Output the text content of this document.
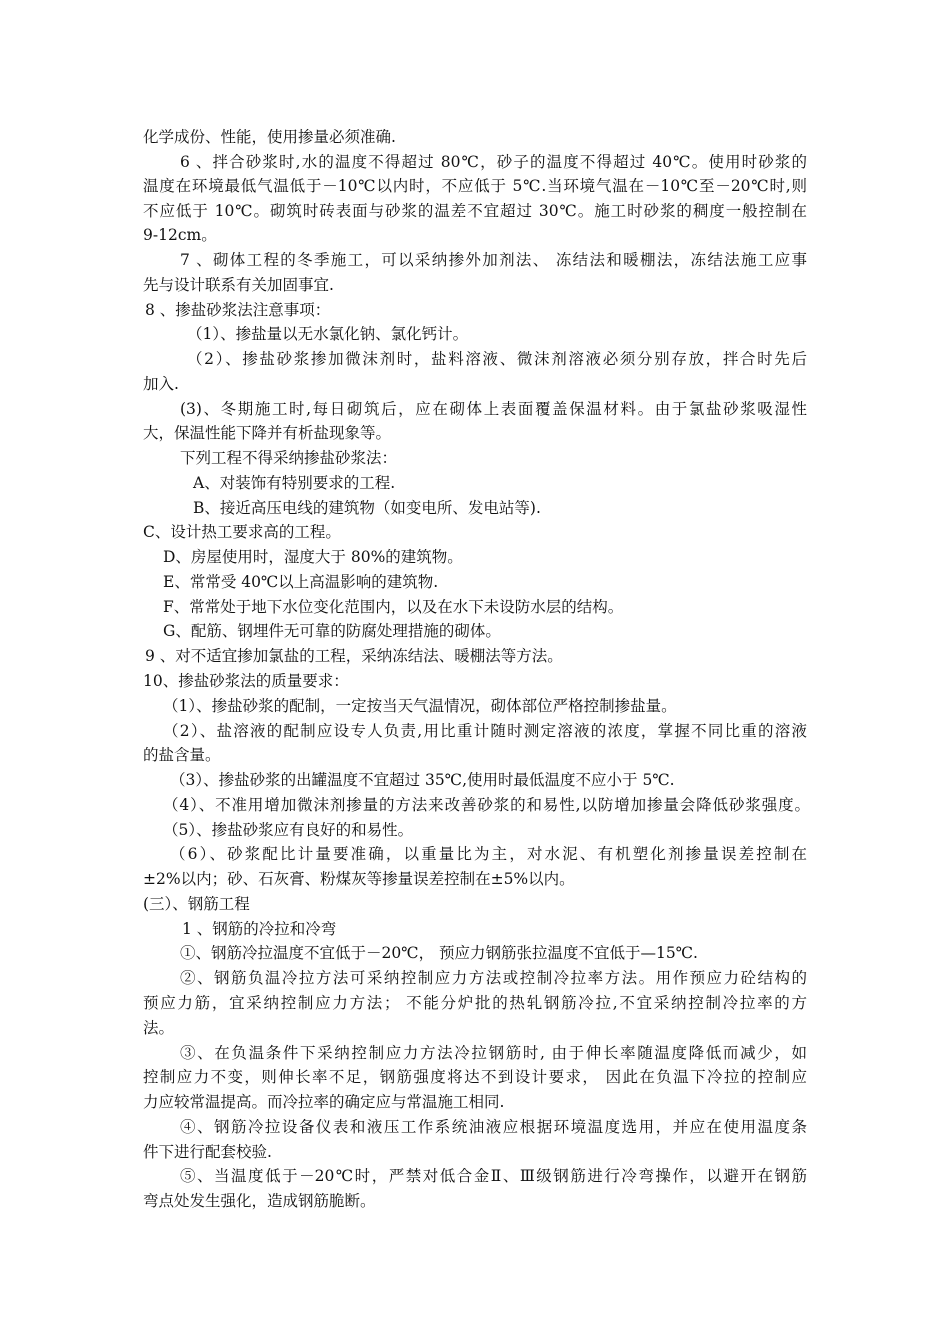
化学成份、性能，使用掺量必须准确.
6 、拌合砂浆时,水的温度不得超过 80℃，砂子的温度不得超过 40℃。使用时砂浆的
温度在环境最低气温低于－10℃以内时，不应低于 5℃.当环境气温在－10℃至－20℃时,则
不应低于 10℃。砌筑时砖表面与砂浆的温差不宜超过 30℃。施工时砂浆的稠度一般控制在
9-12cm。
7 、砌体工程的冬季施工，可以采纳掺外加剂法、 冻结法和暖棚法，冻结法施工应事
先与设计联系有关加固事宜.
8 、掺盐砂浆法注意事项：
（1）、掺盐量以无水氯化钠、氯化钙计。
（2）、掺盐砂浆掺加微沫剂时，盐料溶液、微沫剂溶液必须分别存放，拌合时先后
加入.
(3)、冬期施工时,每日砌筑后，应在砌体上表面覆盖保温材料。由于氯盐砂浆吸湿性
大，保温性能下降并有析盐现象等。
下列工程不得采纳掺盐砂浆法：
A、对装饰有特别要求的工程.
B、接近高压电线的建筑物（如变电所、发电站等).
C、设计热工要求高的工程。
D、房屋使用时，湿度大于 80%的建筑物。
E、常常受 40℃以上高温影响的建筑物.
F、常常处于地下水位变化范围内，以及在水下未设防水层的结构。
G、配筋、钢埋件无可靠的防腐处理措施的砌体。
9 、对不适宜掺加氯盐的工程，采纳冻结法、暖棚法等方法。
10、掺盐砂浆法的质量要求：
（1）、掺盐砂浆的配制，一定按当天气温情况，砌体部位严格控制掺盐量。
（2）、盐溶液的配制应设专人负责,用比重计随时测定溶液的浓度，掌握不同比重的溶液
的盐含量。
（3）、掺盐砂浆的出罐温度不宜超过 35℃,使用时最低温度不应小于 5℃.
（4）、不准用增加微沫剂掺量的方法来改善砂浆的和易性,以防增加掺量会降低砂浆强度。
（5）、掺盐砂浆应有良好的和易性。
（6）、砂浆配比计量要准确，以重量比为主，对水泥、有机塑化剂掺量误差控制在
±2%以内；砂、石灰膏、粉煤灰等掺量误差控制在±5%以内。
(三）、钢筋工程
1 、钢筋的冷拉和冷弯
①、钢筋冷拉温度不宜低于－20℃， 预应力钢筋张拉温度不宜低于—15℃.
②、钢筋负温冷拉方法可采纳控制应力方法或控制冷拉率方法。用作预应力砼结构的
预应力筋，宜采纳控制应力方法； 不能分炉批的热轧钢筋冷拉,不宜采纳控制冷拉率的方
法。
③、在负温条件下采纳控制应力方法冷拉钢筋时, 由于伸长率随温度降低而减少，如
控制应力不变，则伸长率不足，钢筋强度将达不到设计要求， 因此在负温下冷拉的控制应
力应较常温提高。而冷拉率的确定应与常温施工相同.
④、钢筋冷拉设备仪表和液压工作系统油液应根据环境温度选用，并应在使用温度条
件下进行配套校验.
⑤、当温度低于－20℃时，严禁对低合金Ⅱ、Ⅲ级钢筋进行冷弯操作，以避开在钢筋
弯点处发生强化，造成钢筋脆断。
